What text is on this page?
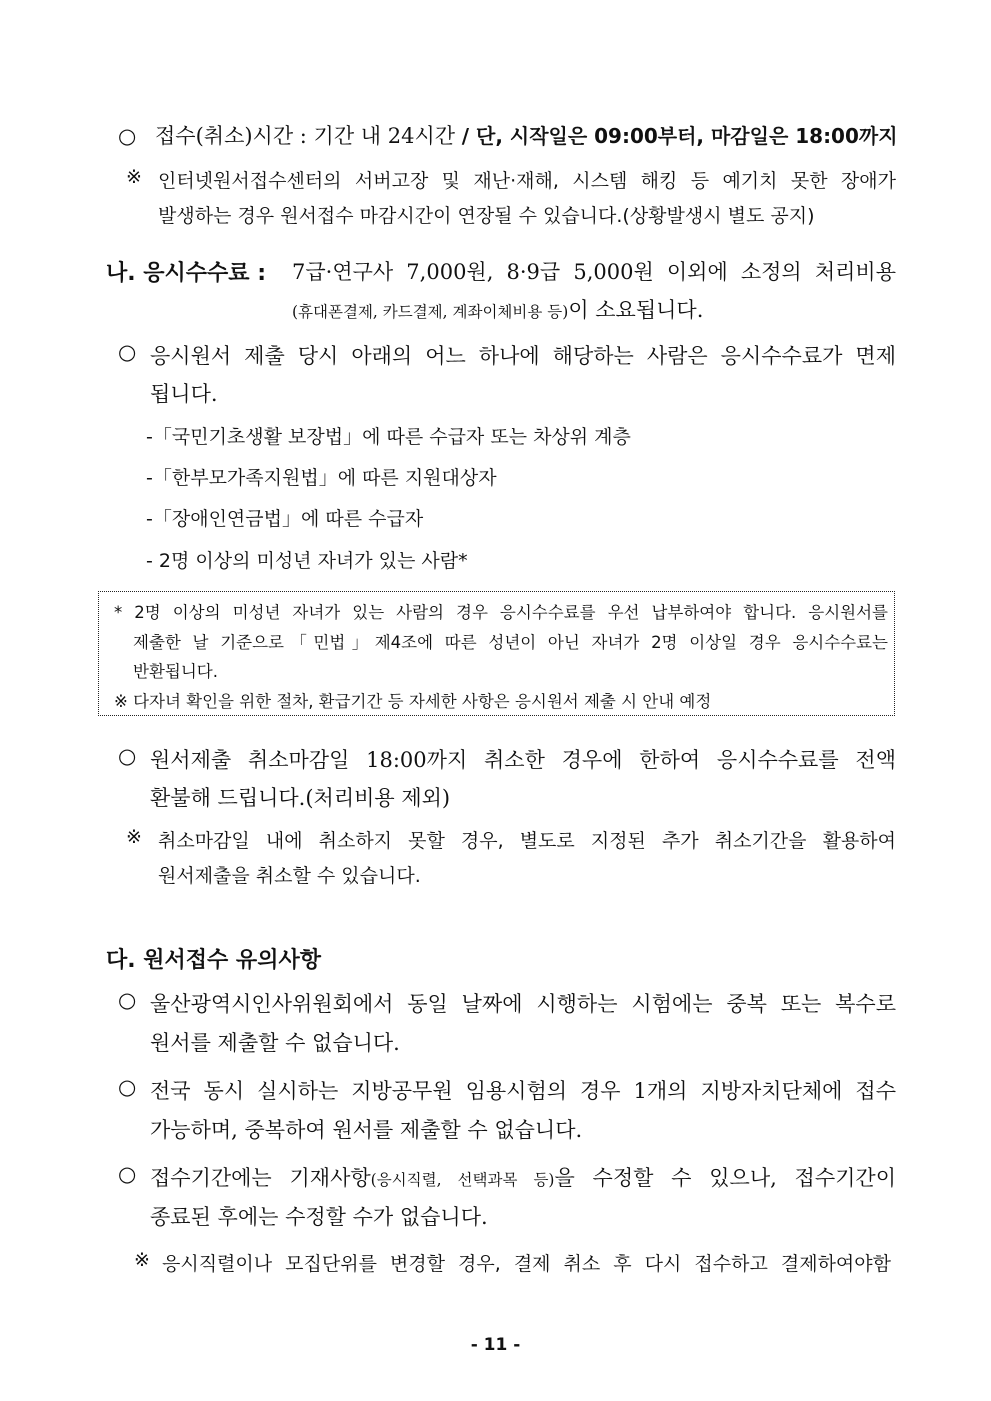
○ 접수(취소)시간 : 기간 내 24시간 / 단, 시작일은 09:00부터, 마감일은 18:00까지
※ 인터넷원서접수센터의 서버고장 및 재난·재해, 시스템 해킹 등 예기치 못한 장애가
발생하는 경우 원서접수 마감시간이 연장될 수 있습니다.(상황발생시 별도 공지)
나. 응시수수료 : 7급·연구사 7,000원, 8·9급 5,000원 이외에 소정의 처리비용
(휴대폰결제, 카드결제, 계좌이체비용 등)이 소요됩니다.
○ 응시원서 제출 당시 아래의 어느 하나에 해당하는 사람은 응시수수료가 면제
됩니다.
-「국민기초생활 보장법」에 따른 수급자 또는 차상위 계층
-「한부모가족지원법」에 따른 지원대상자
-「장애인연금법」에 따른 수급자
- 2명 이상의 미성년 자녀가 있는 사람*
* 2명 이상의 미성년 자녀가 있는 사람의 경우 응시수수료를 우선 납부하여야 합니다. 응시원서를
제출한 날 기준으로「민법」제4조에 따른 성년이 아닌 자녀가 2명 이상일 경우 응시수수료는
반환됩니다.
※ 다자녀 확인을 위한 절차, 환급기간 등 자세한 사항은 응시원서 제출 시 안내 예정
○ 원서제출 취소마감일 18:00까지 취소한 경우에 한하여 응시수수료를 전액
환불해 드립니다.(처리비용 제외)
※ 취소마감일 내에 취소하지 못할 경우, 별도로 지정된 추가 취소기간을 활용하여
원서제출을 취소할 수 있습니다.
다. 원서접수 유의사항
○ 울산광역시인사위원회에서 동일 날짜에 시행하는 시험에는 중복 또는 복수로
원서를 제출할 수 없습니다.
○ 전국 동시 실시하는 지방공무원 임용시험의 경우 1개의 지방자치단체에 접수
가능하며, 중복하여 원서를 제출할 수 없습니다.
○ 접수기간에는 기재사항(응시직렬, 선택과목 등)을 수정할 수 있으나, 접수기간이
종료된 후에는 수정할 수가 없습니다.
※ 응시직렬이나 모집단위를 변경할 경우, 결제 취소 후 다시 접수하고 결제하여야함
- 11 -
